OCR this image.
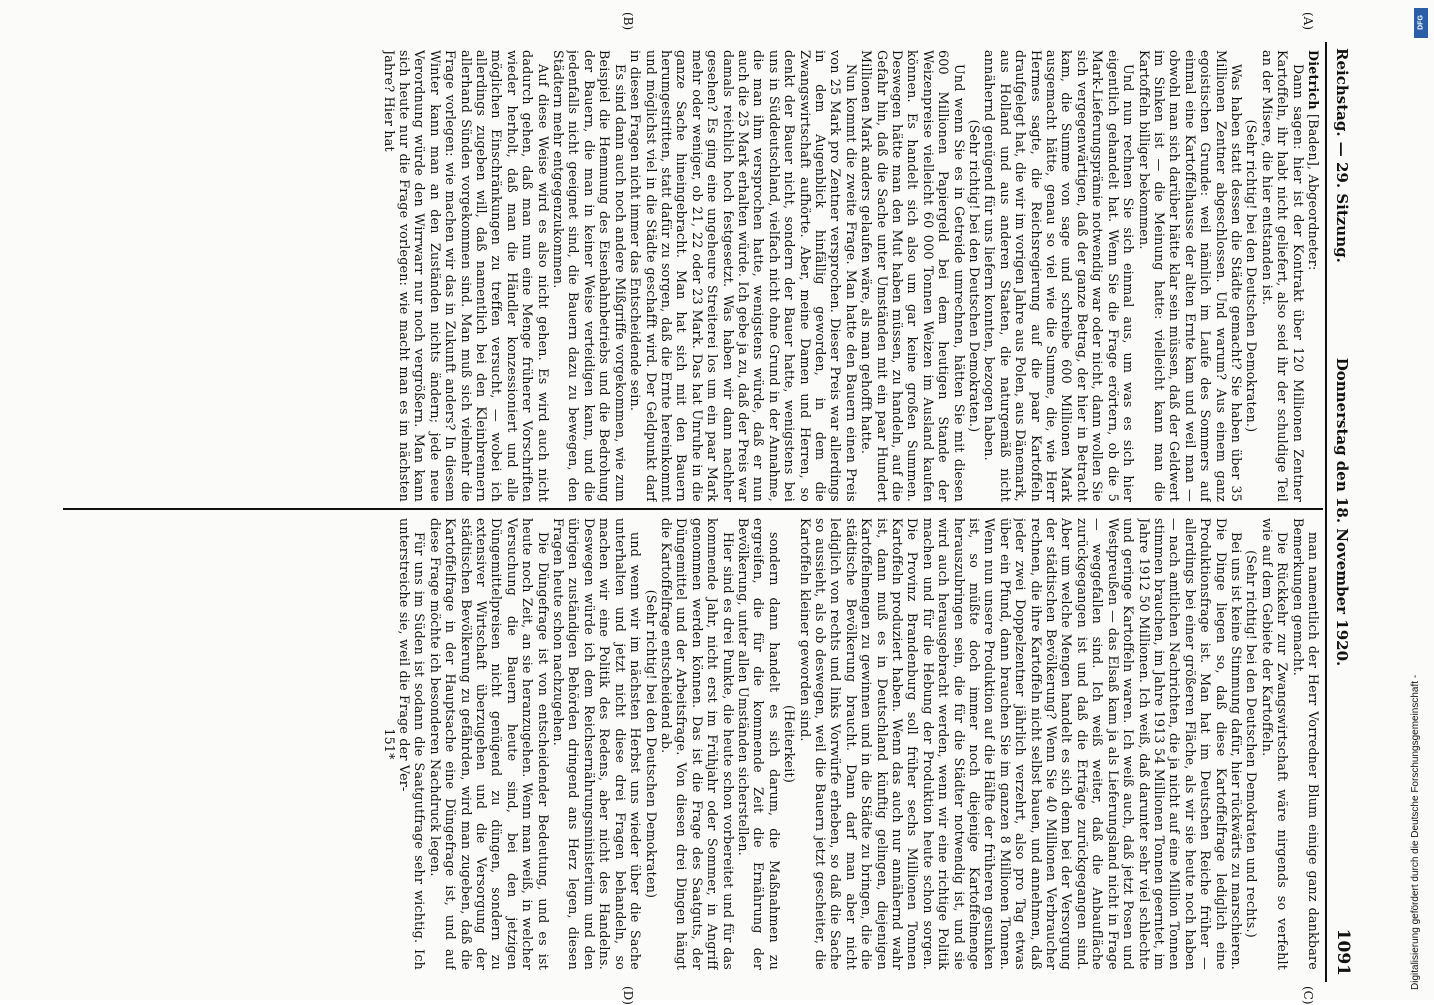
Reichstag. — 29. Sitzung.
Donnerstag den 18. November 1920.
1091
(A)
(B)
(C)
(D)

Dietrich [Baden], Abgeordneter:

Dann sagen: hier ist der Kontrakt über 120 Millionen Zentner Kartoffeln, ihr habt nicht geliefert, also seid ihr der schuldige Teil an der Misere, die hier entstanden ist.

(Sehr richtig! bei den Deutschen Demokraten.)

Was haben statt dessen die Städte gemacht? Sie haben über 35 Millionen Zentner abgeschlossen. Und warum? Aus einem ganz egoistischen Grunde: weil nämlich im Laufe des Sommers auf einmal eine Kartoffelhausse der alten Ernte kam und weil man — obwohl man sich darüber hätte klar sein müssen, daß der Geldwert im Sinken ist — die Meinung hatte: vielleicht kann man die Kartoffeln billiger bekommen.

Und nun rechnen Sie sich einmal aus, um was es sich hier eigentlich gehandelt hat. Wenn Sie die Frage erörtern, ob die 5 Mark-Lieferungsprämie notwendig war oder nicht, dann wollen Sie sich vergegenwärtigen, daß der ganze Betrag, der hier in Betracht kam, die Summe von sage und schreibe 600 Millionen Mark ausgemacht hätte, genau so viel wie die Summe, die, wie Herr Hermes sagte, die Reichsregierung auf die paar Kartoffeln draufgelegt hat, die wir im vorigen Jahre aus Polen, aus Dänemark, aus Holland und aus anderen Staaten, die naturgemäß nicht annähernd genügend für uns liefern konnten, bezogen haben.

(Sehr richtig! bei den Deutschen Demokraten.)

Und wenn Sie es in Getreide umrechnen, hätten Sie mit diesen 600 Millionen Papiergeld bei dem heutigen Stande der Weizenpreise vielleicht 60 000 Tonnen Weizen im Ausland kaufen können. Es handelt sich also um gar keine großen Summen. Deswegen hätte man den Mut haben müssen, zu handeln, auf die Gefahr hin, daß die Sache unter Umständen mit ein paar Hundert Millionen Mark anders gelaufen wäre, als man gehofft hatte.

Nun kommt die zweite Frage. Man hatte den Bauern einen Preis von 25 Mark pro Zentner versprochen. Dieser Preis war allerdings in dem Augenblick hinfällig geworden, in dem die Zwangswirtschaft aufhörte. Aber, meine Damen und Herren, so denkt der Bauer nicht, sondern der Bauer hatte, wenigstens bei uns in Süddeutschland, vielfach nicht ohne Grund in der Annahme, die man ihm versprochen hatte, wenigstens würde, daß er nun auch die 25 Mark erhalten würde. Ich gebe ja zu, daß der Preis war damals reichlich hoch festgesetzt. Was haben wir dann nachher gesehen? Es ging eine ungeheure Streiterei los um ein paar Mark mehr oder weniger, ob 21, 22 oder 23 Mark. Das hat Unruhe in die ganze Sache hineingebracht. Man hat sich mit den Bauern herumgestritten, statt dafür zu sorgen, daß die Ernte hereinkommt und möglichst viel in die Städte geschafft wird. Der Geldpunkt darf in diesen Fragen nicht immer das Entscheidende sein.

Es sind dann auch noch andere Mißgriffe vorgekommen, wie zum Beispiel die Hemmung des Eisenbahnbetriebs und die Bedrohung der Bauern, die man in keiner Weise verteidigen kann, und die jedenfalls nicht geeignet sind, die Bauern dazu zu bewegen, den Städtern mehr entgegenzukommen.

Auf diese Weise wird es also nicht gehen. Es wird auch nicht dadurch gehen, daß man nun eine Menge früherer Vorschriften wieder herholt, daß man die Händler konzessioniert und alle möglichen Einschränkungen zu treffen versucht, — wobei ich allerdings zugeben will, daß namentlich bei den Kleinbrennern allerhand Sünden vorgekommen sind. Man muß sich vielmehr die Frage vorlegen: wie machen wir das in Zukunft anders? In diesem Winter kann man an den Zuständen nichts ändern; jede neue Verordnung würde den Wirrwarr nur noch vergrößern. Man kann sich heute nur die Frage vorlegen: wie macht man es im nächsten Jahre? Hier hat

man namentlich der Herr Vorredner Blum einige ganz dankbare Bemerkungen gemacht.

Die Rückkehr zur Zwangswirtschaft wäre nirgends so verfehlt wie auf dem Gebiete der Kartoffeln.

(Sehr richtig! bei den Deutschen Demokraten und rechts.)

Bei uns ist keine Stimmung dafür, hier rückwärts zu marschieren. Die Dinge liegen so, daß diese Kartoffelfrage lediglich eine Produktionsfrage ist. Man hat im Deutschen Reiche früher — allerdings bei einer größeren Fläche, als wir sie heute noch haben — nach amtlichen Nachrichten, die ja nicht auf eine Million Tonnen stimmen brauchen, im Jahre 1913 54 Millionen Tonnen geerntet, im Jahre 1912 50 Millionen. Ich weiß, daß darunter sehr viel schlechte und geringe Kartoffeln waren. Ich weiß auch, daß jetzt Posen und Westpreußen — das Elsaß kam ja als Lieferungsland nicht in Frage — weggefallen sind. Ich weiß weiter, daß die Anbaufläche zurückgegangen ist und daß die Erträge zurückgegangen sind. Aber um welche Mengen handelt es sich denn bei der Versorgung der städtischen Bevölkerung? Wenn Sie 40 Millionen Verbraucher rechnen, die ihre Kartoffeln nicht selbst bauen, und annehmen, daß jeder zwei Doppelzentner jährlich verzehrt, also pro Tag etwas über ein Pfund, dann brauchen Sie im ganzen 8 Millionen Tonnen. Wenn nun unsere Produktion auf die Hälfte der früheren gesunken ist, so müßte doch immer noch diejenige Kartoffelmenge herauszubringen sein, die für die Städter notwendig ist, und sie wird auch herausgebracht werden, wenn wir eine richtige Politik machen und für die Hebung der Produktion heute schon sorgen. Die Provinz Brandenburg soll früher sechs Millionen Tonnen Kartoffeln produziert haben. Wenn das auch nur annähernd wahr ist, dann muß es in Deutschland künftig gelingen, diejenigen Kartoffelmengen zu gewinnen und in die Städte zu bringen, die die städtische Bevölkerung braucht. Dann darf man aber nicht lediglich von rechts und links Vorwürfe erheben, so daß die Sache so aussieht, als ob deswegen, weil die Bauern jetzt gescheiter, die Kartoffeln kleiner geworden sind.

(Heiterkeit)

sondern dann handelt es sich darum, die Maßnahmen zu ergreifen, die für die kommende Zeit die Ernährung der Bevölkerung, unter allen Umständen sicherstellen.

Hier sind es drei Punkte, die heute schon vorbereitet und für das kommende Jahr, nicht erst im Frühjahr oder Sommer, in Angriff genommen werden können. Das ist die Frage des Saatguts, der Düngemittel und der Arbeitsfrage. Von diesen drei Dingen hängt die Kartoffelfrage entscheidend ab.

(Sehr richtig! bei den Deutschen Demokraten)

und wenn wir im nächsten Herbst uns wieder über die Sache unterhalten und jetzt nicht diese drei Fragen behandeln, so machen wir eine Politik des Redens, aber nicht des Handelns. Deswegen würde ich dem Reichsernährungsministerium und den übrigen zuständigen Behörden dringend ans Herz legen, diesen Fragen heute schon nachzugehen.

Die Düngefrage ist von entscheidender Bedeutung, und es ist heute noch Zeit, an sie heranzugehen. Wenn man weiß, in welcher Versuchung die Bauern heute sind, bei den jetzigen Düngemittelpreisen nicht genügend zu düngen, sondern zu extensiver Wirtschaft überzugehen und die Versorgung der städtischen Bevölkerung zu gefährden, wird man zugeben, daß die Kartoffelfrage in der Hauptsache eine Düngefrage ist, und auf diese Frage möchte ich besonderen Nachdruck legen.

Für uns im Süden ist sodann die Saatgutfrage sehr wichtig. Ich unterstreiche sie, weil die Frage der Ver-

151*

DFG
Digitalisierung gefördert durch die Deutsche Forschungsgemeinschaft -
